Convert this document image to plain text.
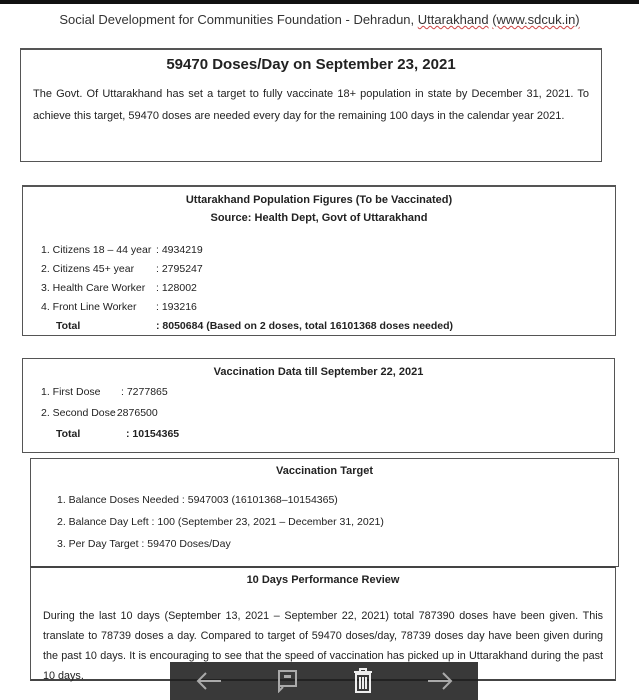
Social Development for Communities Foundation - Dehradun, Uttarakhand (www.sdcuk.in)
59470 Doses/Day on September 23, 2021
The Govt. Of Uttarakhand has set a target to fully vaccinate 18+ population in state by December 31, 2021. To achieve this target, 59470 doses are needed every day for the remaining 100 days in the calendar year 2021.
Uttarakhand Population Figures (To be Vaccinated)
Source: Health Dept, Govt of Uttarakhand
1. Citizens 18 – 44 year : 4934219
2. Citizens 45+ year : 2795247
3. Health Care Worker : 128002
4. Front Line Worker : 193216
Total	: 8050684 (Based on 2 doses, total 16101368 doses needed)
Vaccination Data till September 22, 2021
1. First Dose : 7277865
2. Second Dose: 2876500
Total	: 10154365
Vaccination Target
1. Balance Doses Needed : 5947003 (16101368–10154365)
2. Balance Day Left : 100 (September 23, 2021 – December 31, 2021)
3. Per Day Target : 59470 Doses/Day
10 Days Performance Review
During the last 10 days (September 13, 2021 – September 22, 2021) total 787390 doses have been given. This translate to 78739 doses a day. Compared to target of 59470 doses/day, 78739 doses day have been given during the past 10 days. It is encouraging to see that the speed of vaccination has picked up in Uttarakhand during the past 10 days.
